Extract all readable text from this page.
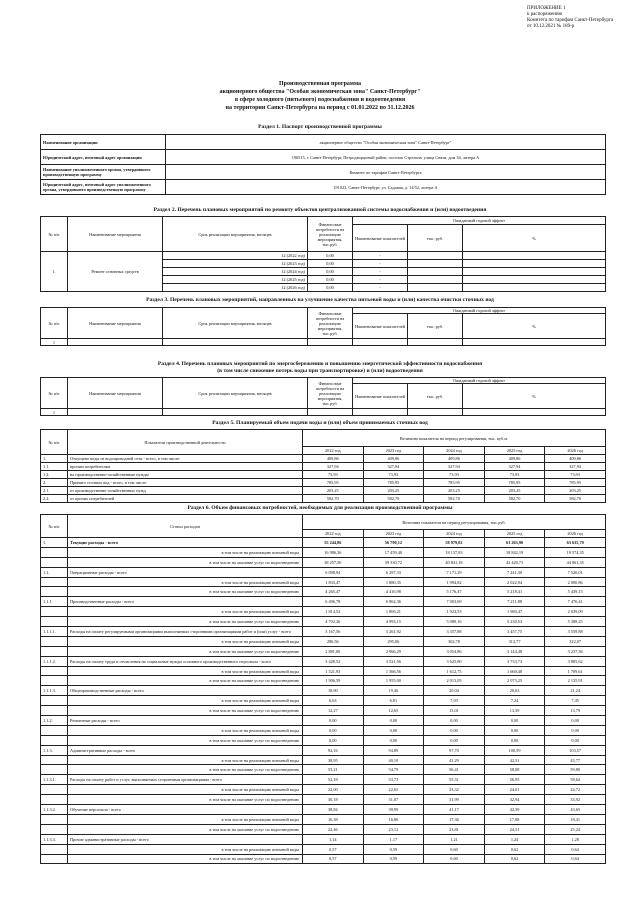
ПРИЛОЖЕНИЕ 1
к распоряжению
Комитета по тарифам Санкт-Петербурга
от 10.12.2021 № 189-р
Производственная программа
акционерного общества "Особая экономическая зона" Санкт-Петербург"
в сфере холодного (питьевого) водоснабжения и водоотведения
на территории Санкт-Петербурга на период с 01.01.2022 по 31.12.2026
Раздел 1. Паспорт производственной программы
Наименование организации	акционерное общество "Особая экономическая зона" Санкт-Петербург"
Юридический адрес, почтовый адрес организации	196515, г. Санкт-Петербург, Петродворцовый район, поселок Стрельна, улица Связи, дом 34, литера А
Наименование уполномоченного органа, утвердившего производственную программу	Комитет по тарифам Санкт-Петербурга
Юридический адрес, почтовый адрес уполномоченного органа, утвердившего производственную программу	191023, Санкт-Петербург, ул. Садовая, д. 14/52, литера А
Раздел 2. Перечень плановых мероприятий по ремонту объектов централизованной системы водоснабжения и (или) водоотведения
№ п/п	Наименование мероприятия	Срок реализации мероприятия, месяцев	Финансовые потребности на реализацию мероприятия, тыс.руб.	Ожидаемый годовой эффект		
				Наименование показателей	тыс. руб.	%
1.	Ремонт основных средств	12 (2022 год)	0,00	-		
		12 (2023 год)	0,00	-		
		12 (2024 год)	0,00	-		
		12 (2025 год)	0,00	-		
		12 (2026 год)	0,00	-		
Раздел 3. Перечень плановых мероприятий, направленных на улучшение качества питьевой воды и (или) качества очистки сточных вод
№ п/п	Наименование мероприятия	Срок реализации мероприятия, месяцев	Финансовые потребности на реализацию мероприятия, тыс.руб.	Ожидаемый годовой эффект		
				Наименование показателей	тыс. руб.	%
1						
Раздел 4. Перечень плановых мероприятий по энергосбережению и повышению энергетической эффективности водоснабжения
(в том числе снижение потерь воды при транспортировке) и (или) водоотведения
№ п/п	Наименование мероприятия	Срок реализации мероприятия, месяцев	Финансовые потребности на реализацию мероприятия, тыс.руб.	Ожидаемый годовой эффект		
				Наименование показателей	тыс. руб.	%
1						
Раздел 5. Планируемый объем подачи воды и (или) объем принимаемых сточных вод
№ п/п	Показатели производственной деятельности	Величина показателя на период регулирования, тыс. куб.м.				
		2022 год	2023 год	2024 год	2025 год	2026 год
1.	Отпущено воды из водопроводной сети - всего, в том числе:	409,86	409,86	409,86	409,86	409,86
1.1.	прочим потребителям	327,94	327,94	327,94	327,94	327,94
1.2.	на производственно-хозяйственные нужды	73,93	73,93	73,93	73,93	73,93
2.	Принято сточных вод - всего, в том числе:	785,95	785,95	785,95	785,95	785,95
2.1.	от производственно-хозяйственных нужд	203,25	203,25	203,25	203,25	203,25
2.2.	от прочих потребителей	582,70	582,70	582,70	582,70	582,70
Раздел 6. Объем финансовых потребностей, необходимых для реализации производственной программы
№ п/п	Статьи расходов	Величина показателя на период регулирования, тыс.руб.				
		2022 год	2023 год	2024 год	2025 год	2026 год
1.	Текущие расходы - всего	55 244,86	56 790,12	58 979,02	61 263,90	63 635,70
	в том числе на реализацию питьевой воды	16 986,36	17 459,40	18 137,83	18 842,19	19 574,35
	в том числе на оказание услуг по водоотведению	38 257,50	39 330,72	40 841,18	42 420,71	44 061,35
1.1.	Операционные расходы - всего	6 098,94	6 297,33	7 171,29	7 241,30	7 520,01
	в том числе на реализацию питьевой воды	1 833,47	1 880,35	1 994,82	2 022,94	2 080,86
	в том числе на оказание услуг по водоотведению	4 265,47	4 416,98	5 176,47	5 218,41	5 439,15
1.1.1.	Производственные расходы - всего	6 496,78	6 862,36	7 003,69	7 211,88	7 476,41
	в том числе на реализацию питьевой воды	1 814,52	1 869,21	1 923,53	1 980,47	2 039,09
	в том числе на оказание услуг по водоотведению	4 702,26	4 993,15	5 080,16	5 230,53	5 388,25
1.1.1.1.	Расходы на оплату регулируемыми организациями выполняемых сторонними организациями работ и (или) услуг - всего	3 167,56	3 261,92	3 357,88	3 457,75	3 559,88
	в том числе на реализацию питьевой воды	286,56	295,06	302,78	312,77	322,07
	в том числе на оказание услуг по водоотведению	2 881,00	2 966,29	3 054,86	3 144,48	3 237,36
1.1.1.2.	Расходы на оплату труда и отчисления на социальные нужды основного производственного персонала - всего	3 428,52	3 521,56	3 625,80	3 733,73	3 885,62
	в том числе на реализацию питьевой воды	1 521,93	1 566,56	1 612,75	1 660,48	1 709,61
	в том числе на оказание услуг по водоотведению	1 906,59	1 955,00	2 013,05	2 073,25	2 135,91
1.1.1.3.	Общепроизводственные расходы - всего	18,90	19,46	20,04	20,63	21,24
	в том числе на реализацию питьевой воды	6,63	6,81	7,03	7,24	7,45
	в том числе на оказание услуг по водоотведению	12,27	12,65	13,01	13,39	13,79
1.1.2.	Ремонтные расходы - всего	0,00	0,00	0,00	0,00	0,00
	в том числе на реализацию питьевой воды	0,00	0,00	0,00	0,00	0,00
	в том числе на оказание услуг по водоотведению	0,00	0,00	0,00	0,00	0,00
1.1.3.	Административные расходы - всего	92,16	94,89	97,70	100,59	103,57
	в том числе на реализацию питьевой воды	38,95	40,10	41,29	42,51	43,77
	в том числе на оказание услуг по водоотведению	53,21	54,79	56,41	58,08	59,80
1.1.3.1.	Расходы на оплату работ и услуг, выполняемых сторонними организациями - всего	52,18	53,73	55,31	56,95	58,64
	в том числе на реализацию питьевой воды	22,00	22,65	23,32	24,01	24,72
	в том числе на оказание услуг по водоотведению	30,18	31,07	31,99	32,94	33,92
1.1.3.2.	Обучение персонала - всего	38,84	39,99	41,17	42,39	43,65
	в том числе на реализацию питьевой воды	16,38	16,86	17,36	17,88	18,41
	в том числе на оказание услуг по водоотведению	22,46	23,12	23,81	24,51	25,24
1.1.3.3.	Прочие административные расходы - всего	1,14	1,17	1,21	1,24	1,28
	в том числе на реализацию питьевой воды	0,57	0,59	0,60	0,62	0,64
	в том числе на оказание услуг по водоотведению	0,57	0,59	0,60	0,62	0,64
